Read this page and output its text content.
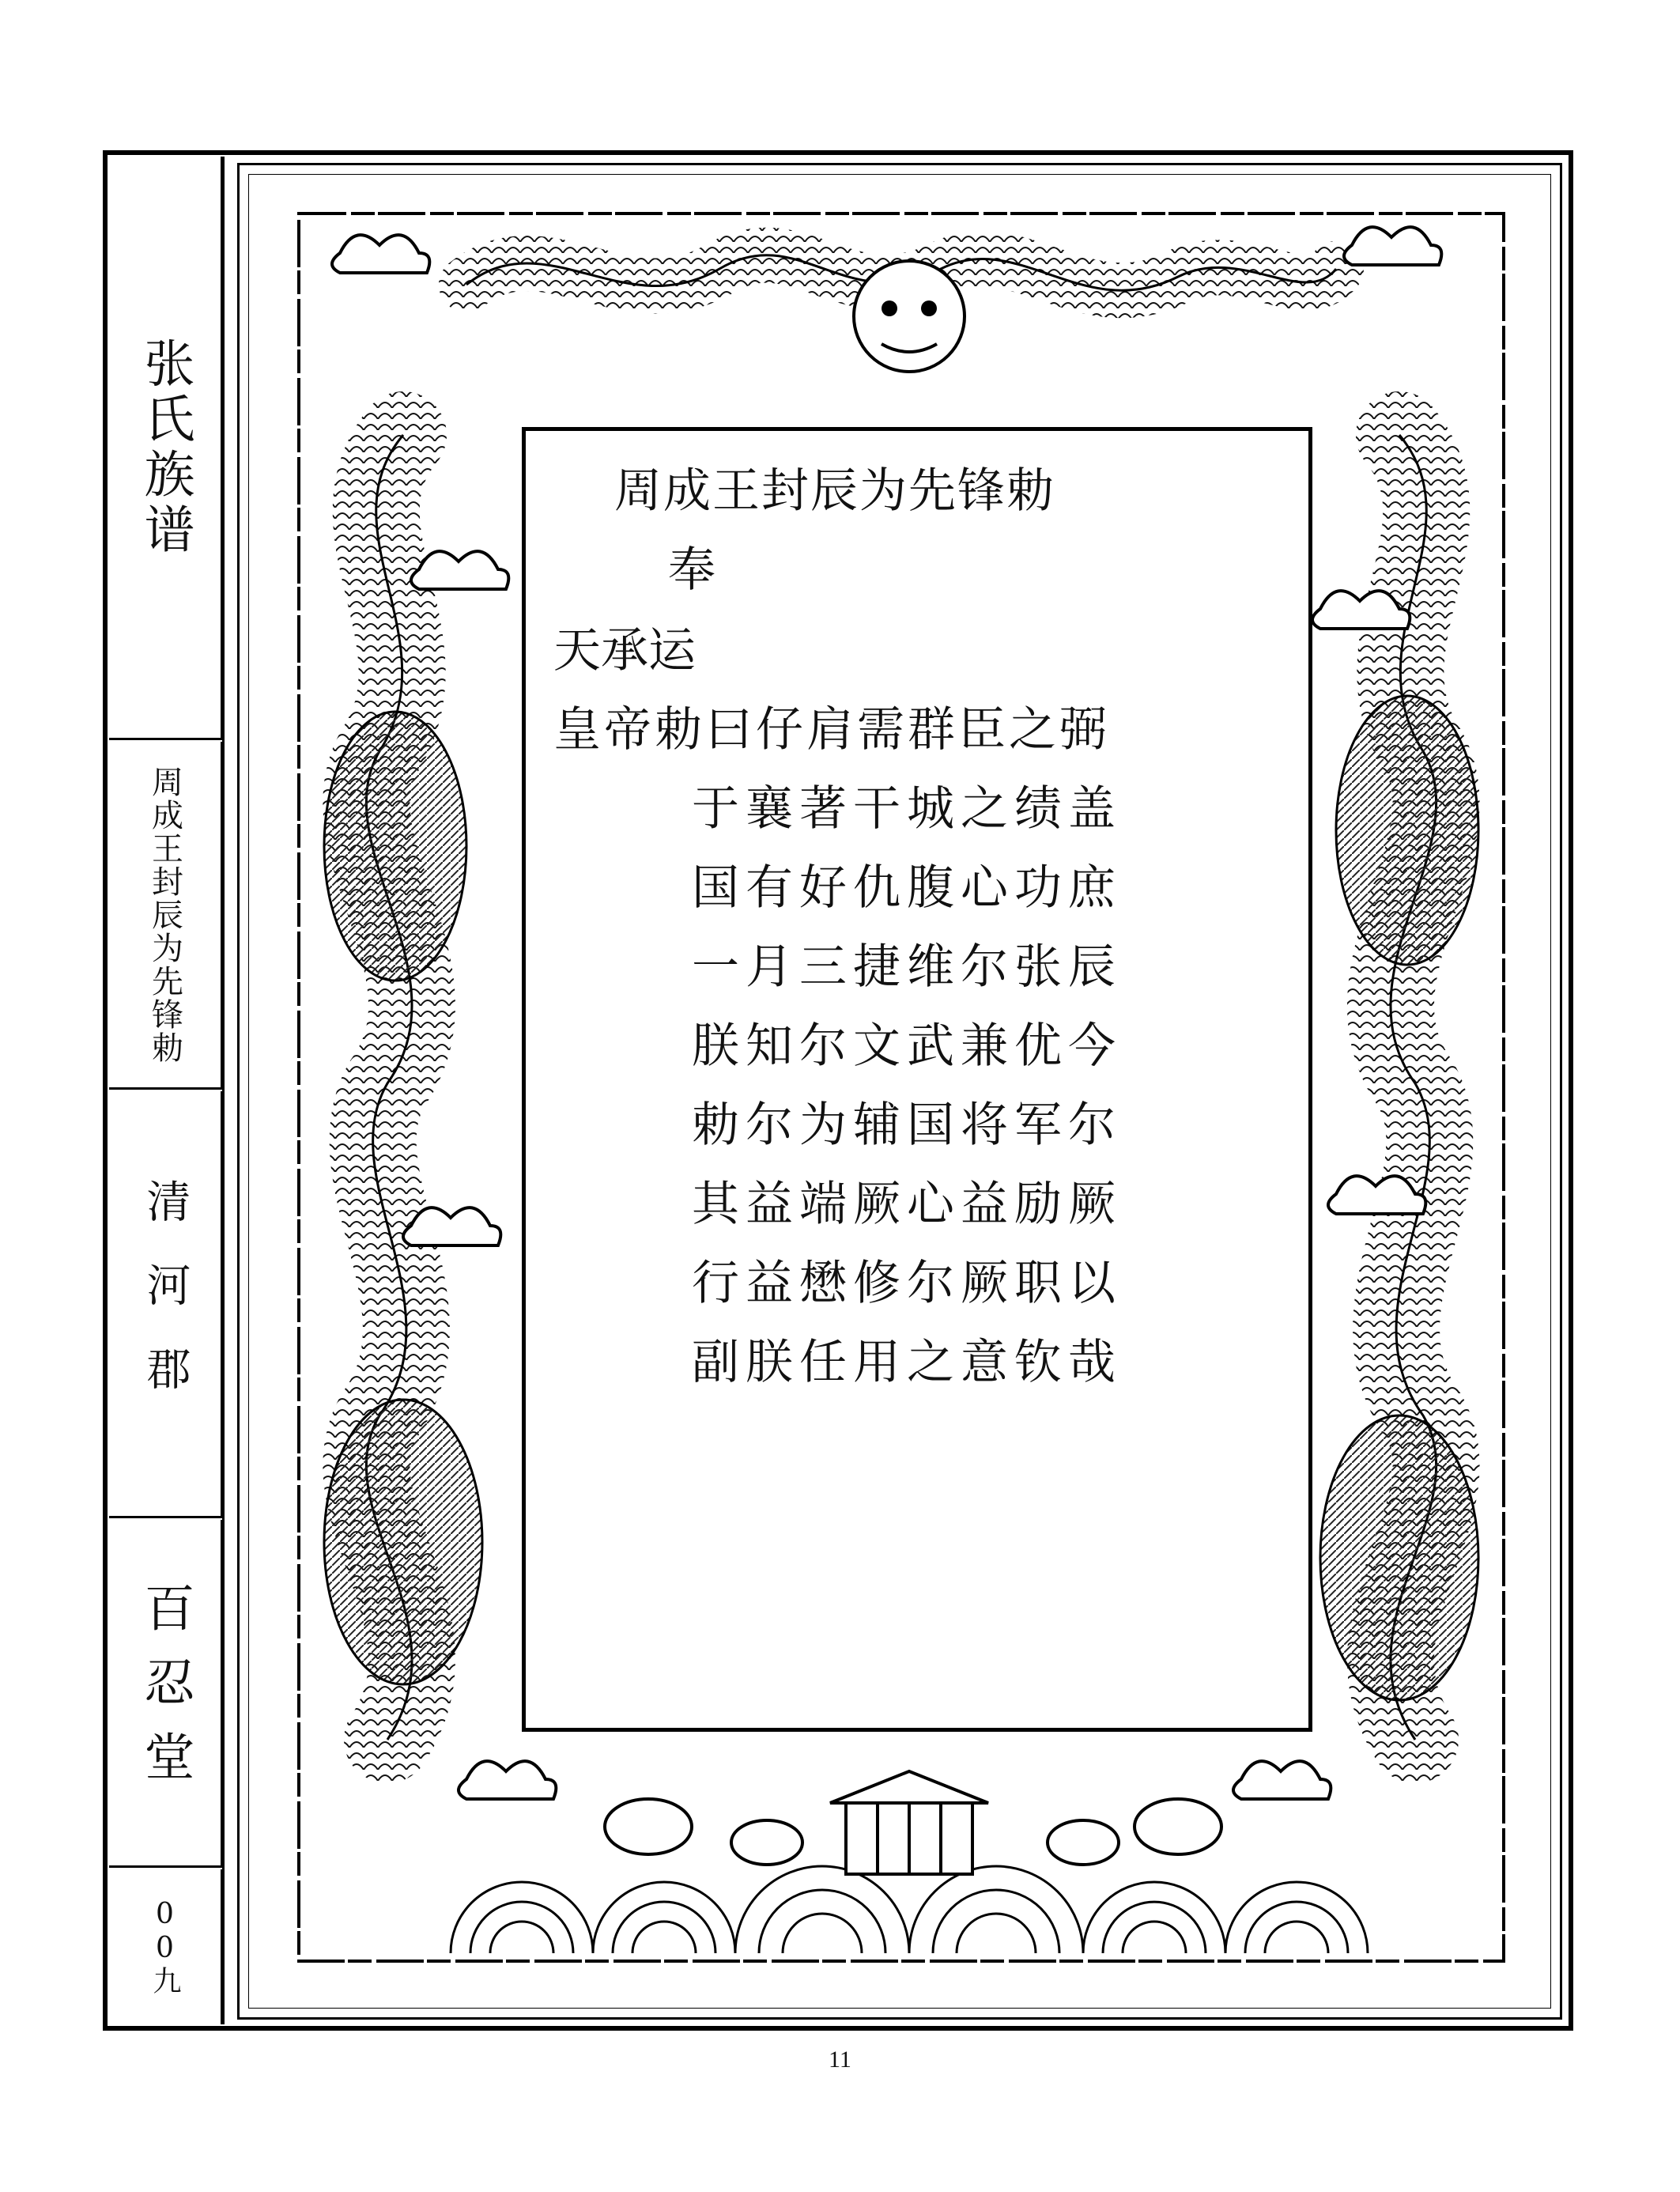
张氏族谱
周成王封辰为先锋勅
清河郡
百忍堂
00九
周成王封辰为先锋勅
奉
天承运
皇帝勅曰仔肩需群臣之弼
于襄著干城之绩盖
国有好仇腹心功庶
一月三捷维尔张辰
朕知尔文武兼优今
勅尔为辅国将军尔
其益端厥心益励厥
行益懋修尔厥职以
副朕任用之意钦哉
11
